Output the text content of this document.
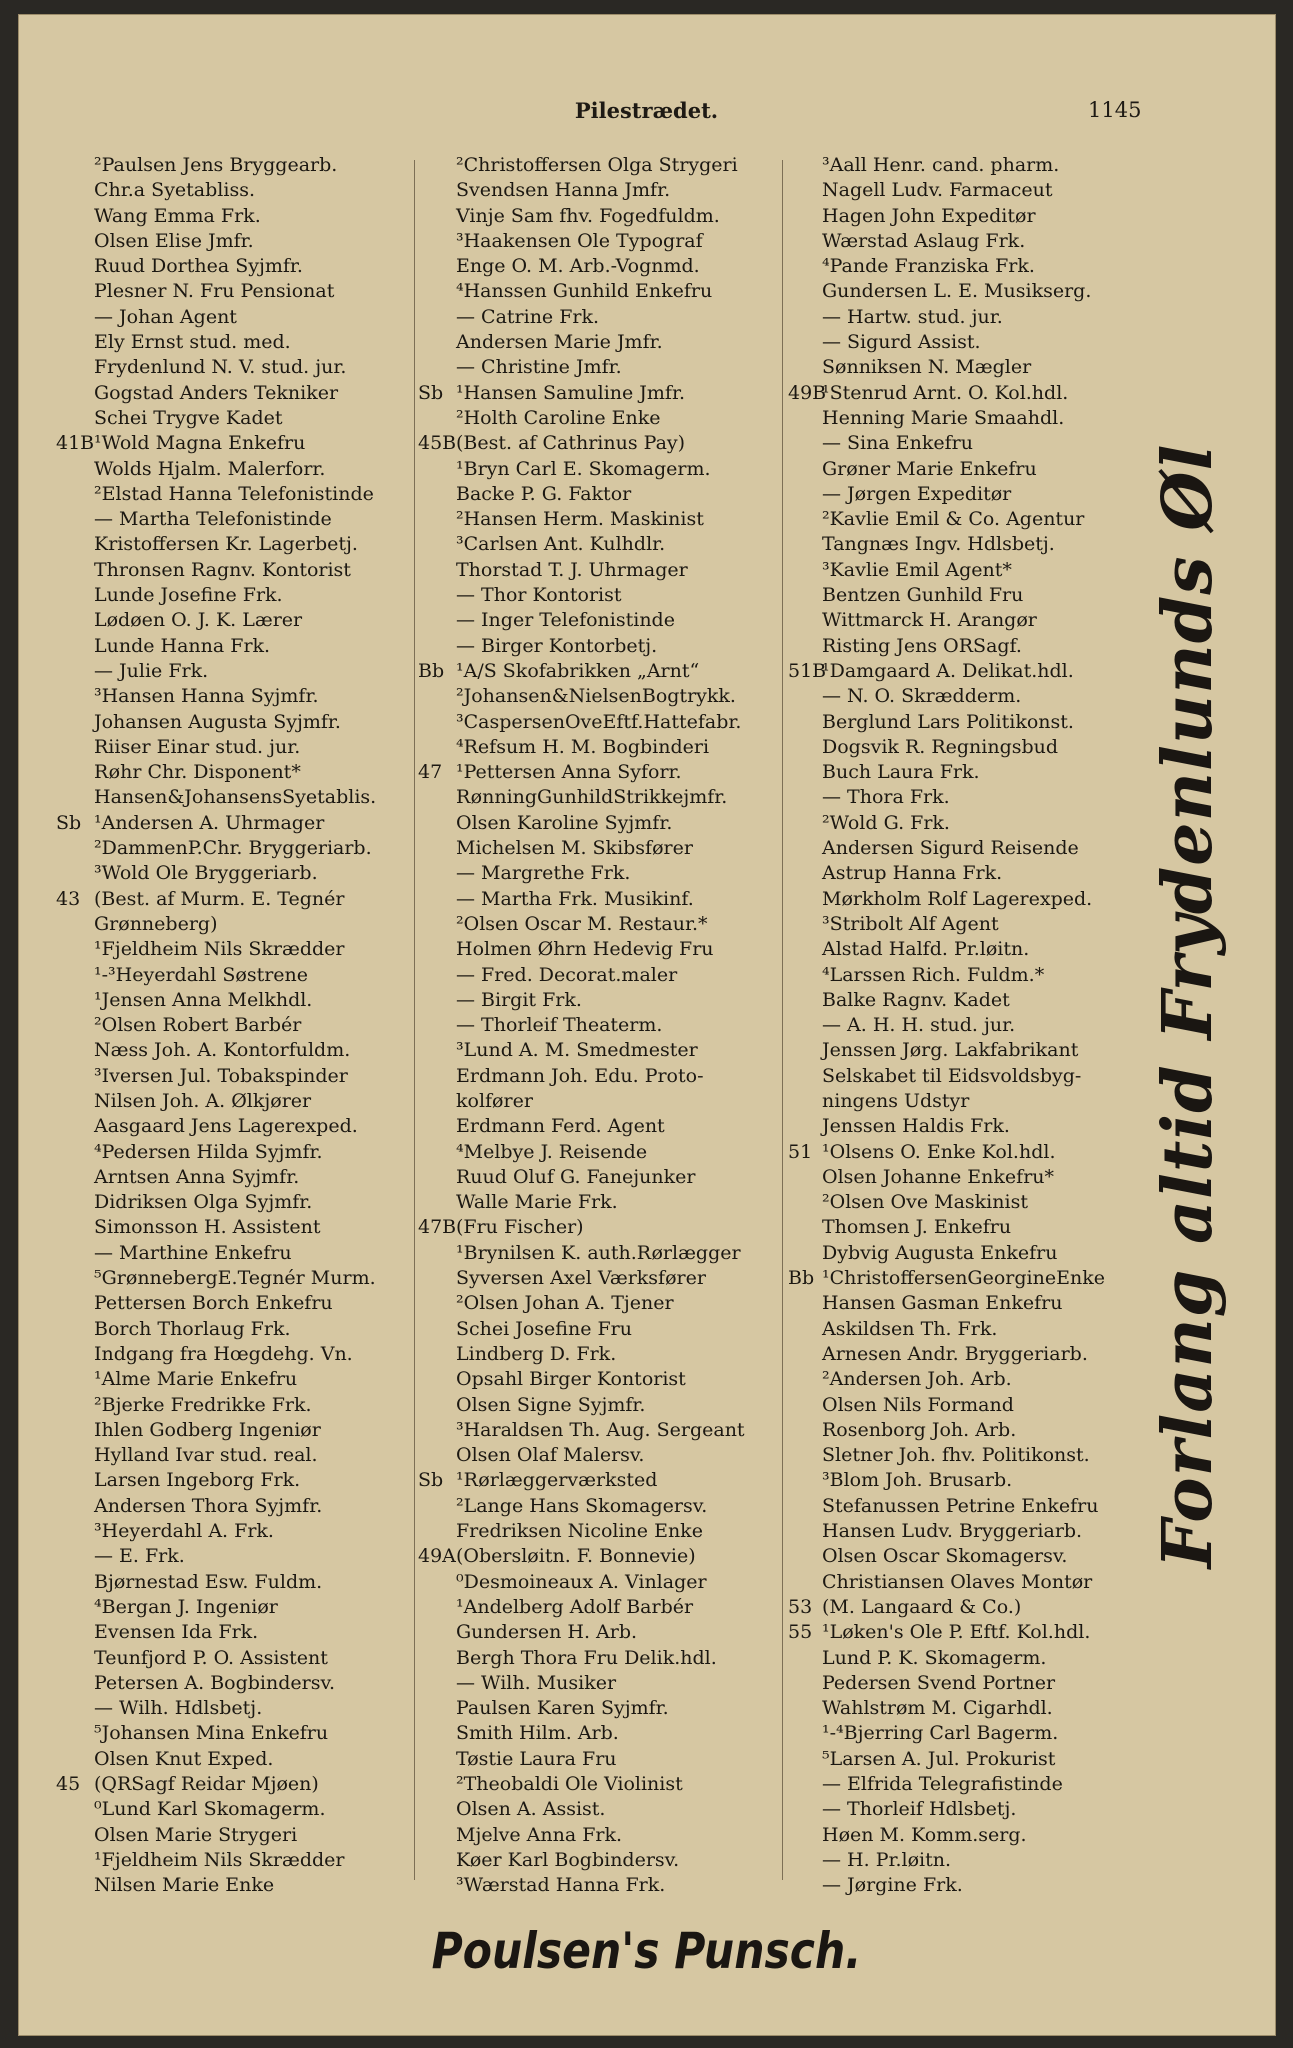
Pilestrædet.	1145
²Paulsen Jens Bryggearb.
Chr.a Syetabliss.
Wang Emma Frk.
Olsen Elise Jmfr.
Ruud Dorthea Syjmfr.
Plesner N. Fru Pensionat
— Johan Agent
Ely Ernst stud. med.
Frydenlund N. V. stud. jur.
Gogstad Anders Tekniker
Schei Trygve Kadet
41B ¹Wold Magna Enkefru
Wolds Hjalm. Malerforr.
²Elstad Hanna Telefonistinde
— Martha Telefonistinde
Kristoffersen Kr. Lagerbetj.
Thronsen Ragnv. Kontorist
Lunde Josefine Frk.
Lødøen O. J. K. Lærer
Lunde Hanna Frk.
— Julie Frk.
³Hansen Hanna Syjmfr.
Johansen Augusta Syjmfr.
Riiser Einar stud. jur.
Røhr Chr. Disponent*
Hansen&JohansensSyetablis.
Sb ¹Andersen A. Uhrmager
²DammenP.Chr. Bryggeriarb.
³Wold Ole Bryggeriarb.
43 (Best. af Murm. E. Tegnér
Grønneberg)
¹Fjeldheim Nils Skrædder
¹-³Heyerdahl Søstrene
¹Jensen Anna Melkhdl.
²Olsen Robert Barbér
Næss Joh. A. Kontorfuldm.
³Iversen Jul. Tobakspinder
Nilsen Joh. A. Ølkjører
Aasgaard Jens Lagerexped.
⁴Pedersen Hilda Syjmfr.
Arntsen Anna Syjmfr.
Didriksen Olga Syjmfr.
Simonsson H. Assistent
— Marthine Enkefru
⁵GrønnebergE.Tegnér Murm.
Pettersen Borch Enkefru
Borch Thorlaug Frk.
Indgang fra Hœgdehg. Vn.
¹Alme Marie Enkefru
²Bjerke Fredrikke Frk.
Ihlen Godberg Ingeniør
Hylland Ivar stud. real.
Larsen Ingeborg Frk.
Andersen Thora Syjmfr.
³Heyerdahl A. Frk.
— E. Frk.
Bjørnestad Esw. Fuldm.
⁴Bergan J. Ingeniør
Evensen Ida Frk.
Teunfjord P. O. Assistent
Petersen A. Bogbindersv.
— Wilh. Hdlsbetj.
⁵Johansen Mina Enkefru
Olsen Knut Exped.
45 (QRSagf Reidar Mjøen)
⁰Lund Karl Skomagerm.
Olsen Marie Strygeri
¹Fjeldheim Nils Skrædder
Nilsen Marie Enke
²Christoffersen Olga Strygeri
Svendsen Hanna Jmfr.
Vinje Sam fhv. Fogedfuldm.
³Haakensen Ole Typograf
Enge O. M. Arb.-Vognmd.
⁴Hanssen Gunhild Enkefru
— Catrine Frk.
Andersen Marie Jmfr.
— Christine Jmfr.
Sb ¹Hansen Samuline Jmfr.
²Holth Caroline Enke
45B (Best. af Cathrinus Pay)
¹Bryn Carl E. Skomagerm.
Backe P. G. Faktor
²Hansen Herm. Maskinist
³Carlsen Ant. Kulhdlr.
Thorstad T. J. Uhrmager
— Thor Kontorist
— Inger Telefonistinde
— Birger Kontorbetj.
Bb ¹A/S Skofabrikken „Arnt“
²Johansen&NielsenBogtrykk.
³CaspersenOveEftf.Hattefabr.
⁴Refsum H. M. Bogbinderi
47 ¹Pettersen Anna Syforr.
RønningGunhildStrikkejmfr.
Olsen Karoline Syjmfr.
Michelsen M. Skibsfører
— Margrethe Frk.
— Martha Frk. Musikinf.
²Olsen Oscar M. Restaur.*
Holmen Øhrn Hedevig Fru
— Fred. Decorat.maler
— Birgit Frk.
— Thorleif Theaterm.
³Lund A. M. Smedmester
Erdmann Joh. Edu. Proto-
kolfører
Erdmann Ferd. Agent
⁴Melbye J. Reisende
Ruud Oluf G. Fanejunker
Walle Marie Frk.
47B (Fru Fischer)
¹Brynilsen K. auth.Rørlægger
Syversen Axel Værksfører
²Olsen Johan A. Tjener
Schei Josefine Fru
Lindberg D. Frk.
Opsahl Birger Kontorist
Olsen Signe Syjmfr.
³Haraldsen Th. Aug. Sergeant
Olsen Olaf Malersv.
Sb ¹Rørlæggerværksted
²Lange Hans Skomagersv.
Fredriksen Nicoline Enke
49A (Obersløitn. F. Bonnevie)
⁰Desmoineaux A. Vinlager
¹Andelberg Adolf Barbér
Gundersen H. Arb.
Bergh Thora Fru Delik.hdl.
— Wilh. Musiker
Paulsen Karen Syjmfr.
Smith Hilm. Arb.
Tøstie Laura Fru
²Theobaldi Ole Violinist
Olsen A. Assist.
Mjelve Anna Frk.
Køer Karl Bogbindersv.
³Wærstad Hanna Frk.
³Aall Henr. cand. pharm.
Nagell Ludv. Farmaceut
Hagen John Expeditør
Wærstad Aslaug Frk.
⁴Pande Franziska Frk.
Gundersen L. E. Musikserg.
— Hartw. stud. jur.
— Sigurd Assist.
Sønniksen N. Mægler
49B
¹Stenrud Arnt. O. Kol.hdl.
Henning Marie Smaahdl.
— Sina Enkefru
Grøner Marie Enkefru
— Jørgen Expeditør
²Kavlie Emil & Co. Agentur
Tangnæs Ingv. Hdlsbetj.
³Kavlie Emil Agent*
Bentzen Gunhild Fru
Wittmarck H. Arangør
Risting Jens ORSagf.
51B
¹Damgaard A. Delikat.hdl.
— N. O. Skrædderm.
Berglund Lars Politikonst.
Dogsvik R. Regningsbud
Buch Laura Frk.
— Thora Frk.
²Wold G. Frk.
Andersen Sigurd Reisende
Astrup Hanna Frk.
Mørkholm Rolf Lagerexped.
³Stribolt Alf Agent
Alstad Halfd. Pr.løitn.
⁴Larssen Rich. Fuldm.*
Balke Ragnv. Kadet
— A. H. H. stud. jur.
Jenssen Jørg. Lakfabrikant
Selskabet til Eidsvoldsbyg-
ningens Udstyr
Jenssen Haldis Frk.
51 ¹Olsens O. Enke Kol.hdl.
Olsen Johanne Enkefru*
²Olsen Ove Maskinist
Thomsen J. Enkefru
Dybvig Augusta Enkefru
Bb ¹ChristoffersenGeorgineEnke
Hansen Gasman Enkefru
Askildsen Th. Frk.
Arnesen Andr. Bryggeriarb.
²Andersen Joh. Arb.
Olsen Nils Formand
Rosenborg Joh. Arb.
Sletner Joh. fhv. Politikonst.
³Blom Joh. Brusarb.
Stefanussen Petrine Enkefru
Hansen Ludv. Bryggeriarb.
Olsen Oscar Skomagersv.
Christiansen Olaves Montør
53 (M. Langaard & Co.)
55 ¹Løken's Ole P. Eftf. Kol.hdl.
Lund P. K. Skomagerm.
Pedersen Svend Portner
Wahlstrøm M. Cigarhdl.
¹-⁴Bjerring Carl Bagerm.
⁵Larsen A. Jul. Prokurist
— Elfrida Telegrafistinde
— Thorleif Hdlsbetj.
Høen M. Komm.serg.
— H. Pr.løitn.
— Jørgine Frk.
Forlang altid Frydenlunds Øl
Poulsen's Punsch.
